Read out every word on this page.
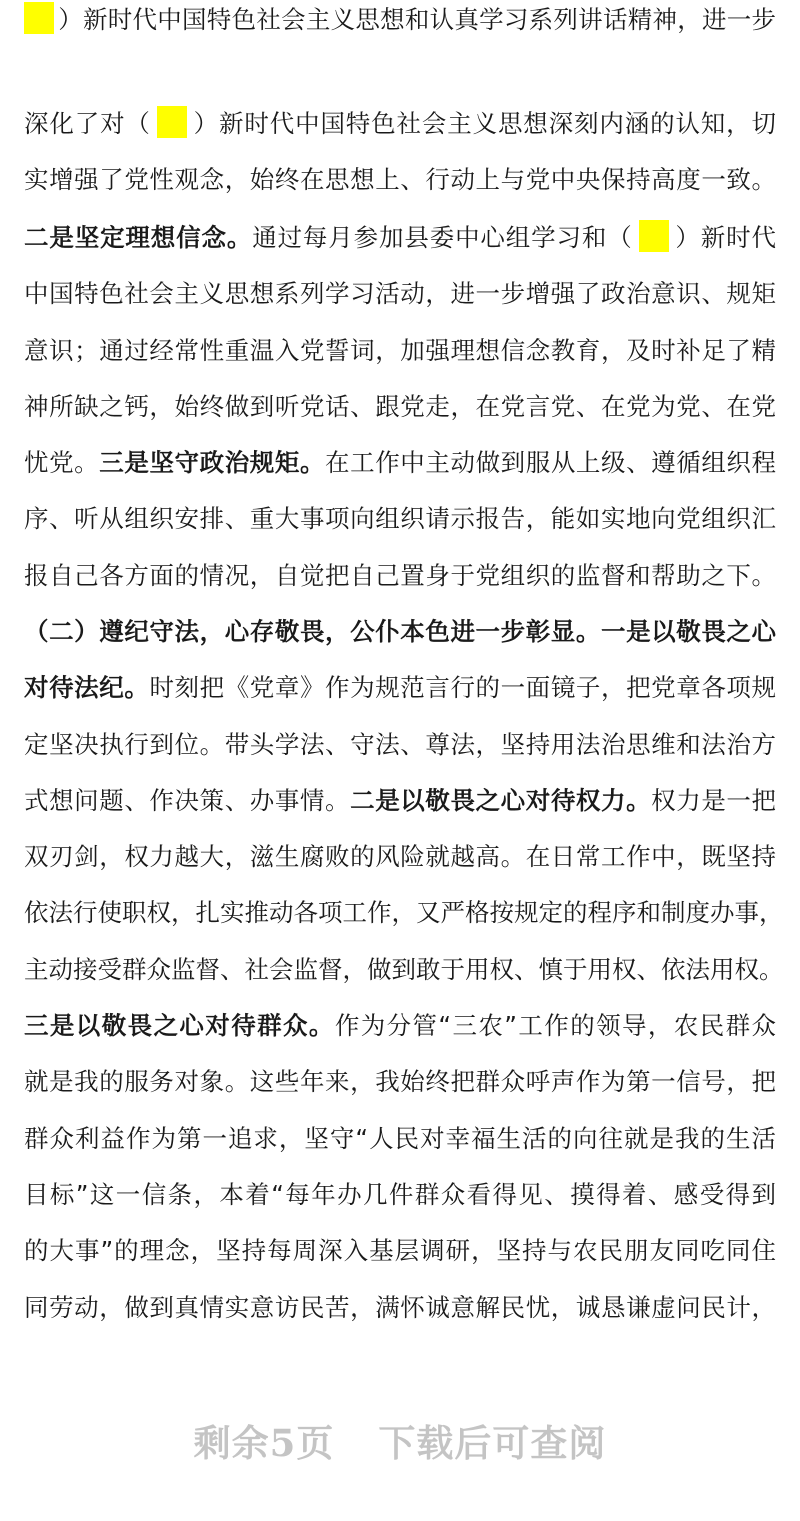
）新时代中国特色社会主义思想和认真学习系列讲话精神，进一步
深化了对（ ）新时代中国特色社会主义思想深刻内涵的认知，切
实增强了党性观念，始终在思想上、行动上与党中央保持高度一致。
二是坚定理想信念。通过每月参加县委中心组学习和（ ）新时代
中国特色社会主义思想系列学习活动，进一步增强了政治意识、规矩
意识；通过经常性重温入党誓词，加强理想信念教育，及时补足了精
神所缺之钙，始终做到听党话、跟党走，在党言党、在党为党、在党
忧党。三是坚守政治规矩。在工作中主动做到服从上级、遵循组织程
序、听从组织安排、重大事项向组织请示报告，能如实地向党组织汇
报自己各方面的情况，自觉把自己置身于党组织的监督和帮助之下。
（二）遵纪守法，心存敬畏，公仆本色进一步彰显。一是以敬畏之心
对待法纪。时刻把《党章》作为规范言行的一面镜子，把党章各项规
定坚决执行到位。带头学法、守法、尊法，坚持用法治思维和法治方
式想问题、作决策、办事情。二是以敬畏之心对待权力。权力是一把
双刃剑，权力越大，滋生腐败的风险就越高。在日常工作中，既坚持
依法行使职权，扎实推动各项工作，又严格按规定的程序和制度办事，
主动接受群众监督、社会监督，做到敢于用权、慎于用权、依法用权。
三是以敬畏之心对待群众。作为分管“三农”工作的领导，农民群众
就是我的服务对象。这些年来，我始终把群众呼声作为第一信号，把
群众利益作为第一追求，坚守“人民对幸福生活的向往就是我的生活
目标”这一信条，本着“每年办几件群众看得见、摸得着、感受得到
的大事”的理念，坚持每周深入基层调研，坚持与农民朋友同吃同住
同劳动，做到真情实意访民苦，满怀诚意解民忧，诚恳谦虚问民计，
剩余5页 下载后可查阅
